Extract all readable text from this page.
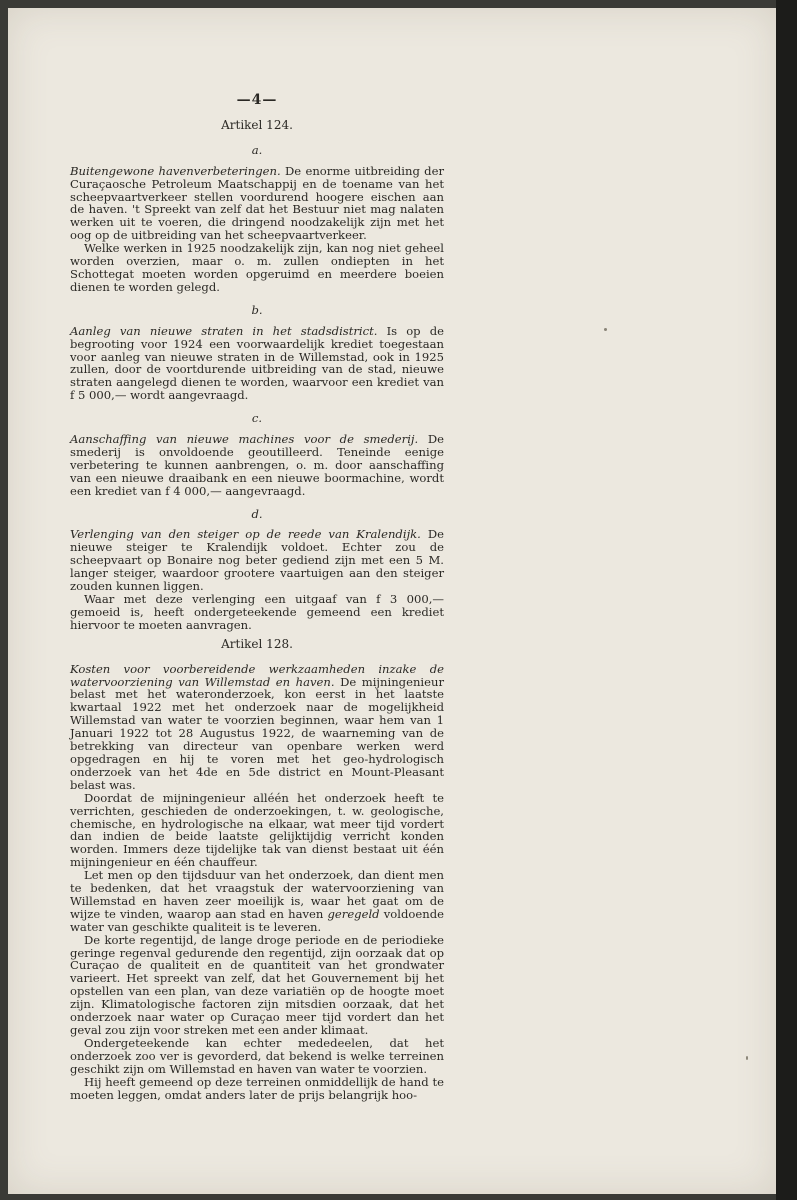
—4—
Artikel 124.
a.

Buitengewone havenverbeteringen. De enorme uitbreiding der Curaçaosche Petroleum Maatschappij en de toename van het scheepvaartverkeer stellen voordurend hoogere eischen aan de haven. 't Spreekt van zelf dat het Bestuur niet mag nalaten werken uit te voeren, die dringend noodzakelijk zijn met het oog op de uitbreiding van het scheepvaartverkeer.

Welke werken in 1925 noodzakelijk zijn, kan nog niet geheel worden overzien, maar o. m. zullen ondiepten in het Schottegat moeten worden opgeruimd en meerdere boeien dienen te worden gelegd.

b.

Aanleg van nieuwe straten in het stadsdistrict. Is op de begrooting voor 1924 een voorwaardelijk krediet toegestaan voor aanleg van nieuwe straten in de Willemstad, ook in 1925 zullen, door de voortdurende uitbreiding van de stad, nieuwe straten aangelegd dienen te worden, waarvoor een krediet van f 5 000,— wordt aangevraagd.

c.

Aanschaffing van nieuwe machines voor de smederij. De smederij is onvoldoende geoutilleerd. Teneinde eenige verbetering te kunnen aanbrengen, o. m. door aanschaffing van een nieuwe draaibank en een nieuwe boormachine, wordt een krediet van f 4 000,— aangevraagd.

d.

Verlenging van den steiger op de reede van Kralendijk. De nieuwe steiger te Kralendijk voldoet. Echter zou de scheepvaart op Bonaire nog beter gediend zijn met een 5 M. langer steiger, waardoor grootere vaartuigen aan den steiger zouden kunnen liggen.

Waar met deze verlenging een uitgaaf van f 3 000,— gemoeid is, heeft ondergeteekende gemeend een krediet hiervoor te moeten aanvragen.

Artikel 128.

Kosten voor voorbereidende werkzaamheden inzake de watervoorziening van Willemstad en haven. De mijningenieur belast met het wateronderzoek, kon eerst in het laatste kwartaal 1922 met het onderzoek naar de mogelijkheid Willemstad van water te voorzien beginnen, waar hem van 1 Januari 1922 tot 28 Augustus 1922, de waarneming van de betrekking van directeur van openbare werken werd opgedragen en hij te voren met het geo-hydrologisch onderzoek van het 4de en 5de district en Mount-Pleasant belast was.

Doordat de mijningenieur alléén het onderzoek heeft te verrichten, geschieden de onderzoekingen, t. w. geologische, chemische, en hydrologische na elkaar, wat meer tijd vordert dan indien de beide laatste gelijktijdig verricht konden worden. Immers deze tijdelijke tak van dienst bestaat uit één mijningenieur en één chauffeur.

Let men op den tijdsduur van het onderzoek, dan dient men te bedenken, dat het vraagstuk der watervoorziening van Willemstad en haven zeer moeilijk is, waar het gaat om de wijze te vinden, waarop aan stad en haven geregeld voldoende water van geschikte qualiteit is te leveren.

De korte regentijd, de lange droge periode en de periodieke geringe regenval gedurende den regentijd, zijn oorzaak dat op Curaçao de qualiteit en de quantiteit van het grondwater varieert. Het spreekt van zelf, dat het Gouvernement bij het opstellen van een plan, van deze variatiën op de hoogte moet zijn. Klimatologische factoren zijn mitsdien oorzaak, dat het onderzoek naar water op Curaçao meer tijd vordert dan het geval zou zijn voor streken met een ander klimaat.

Ondergeteekende kan echter mededeelen, dat het onderzoek zoo ver is gevorderd, dat bekend is welke terreinen geschikt zijn om Willemstad en haven van water te voorzien.

Hij heeft gemeend op deze terreinen onmiddellijk de hand te moeten leggen, omdat anders later de prijs belangrijk hoo-
